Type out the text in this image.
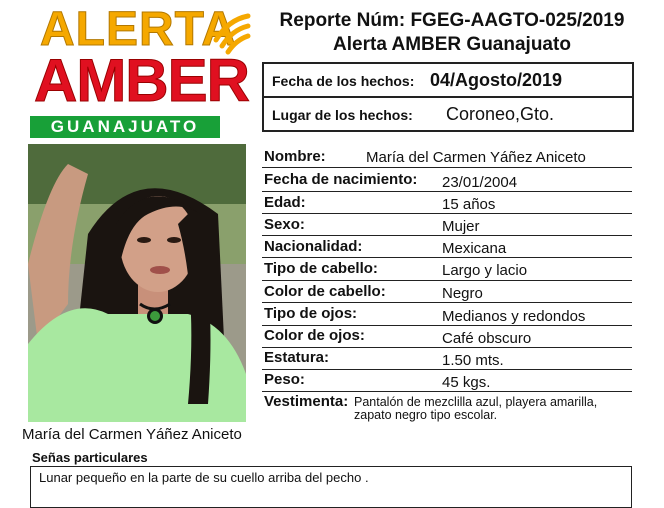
ALERTA
AMBER
GUANAJUATO
Reporte Núm: FGEG-AAGTO-025/2019
Alerta AMBER Guanajuato
Fecha de los hechos: 04/Agosto/2019
Lugar de los hechos: Coroneo,Gto.
María del Carmen Yáñez Aniceto
Nombre:	María del Carmen Yáñez Aniceto
Fecha de nacimiento: 23/01/2004
Edad:	15 años
Sexo:	Mujer
Nacionalidad:	Mexicana
Tipo de cabello:	Largo y lacio
Color de cabello:	Negro
Tipo de ojos:	Medianos y redondos
Color de ojos:	Café obscuro
Estatura:	1.50 mts.
Peso:	45 kgs.
Vestimenta: Pantalón de mezclilla azul, playera amarilla, zapato negro tipo escolar.
Señas particulares
Lunar pequeño en la parte de su cuello arriba del pecho .
